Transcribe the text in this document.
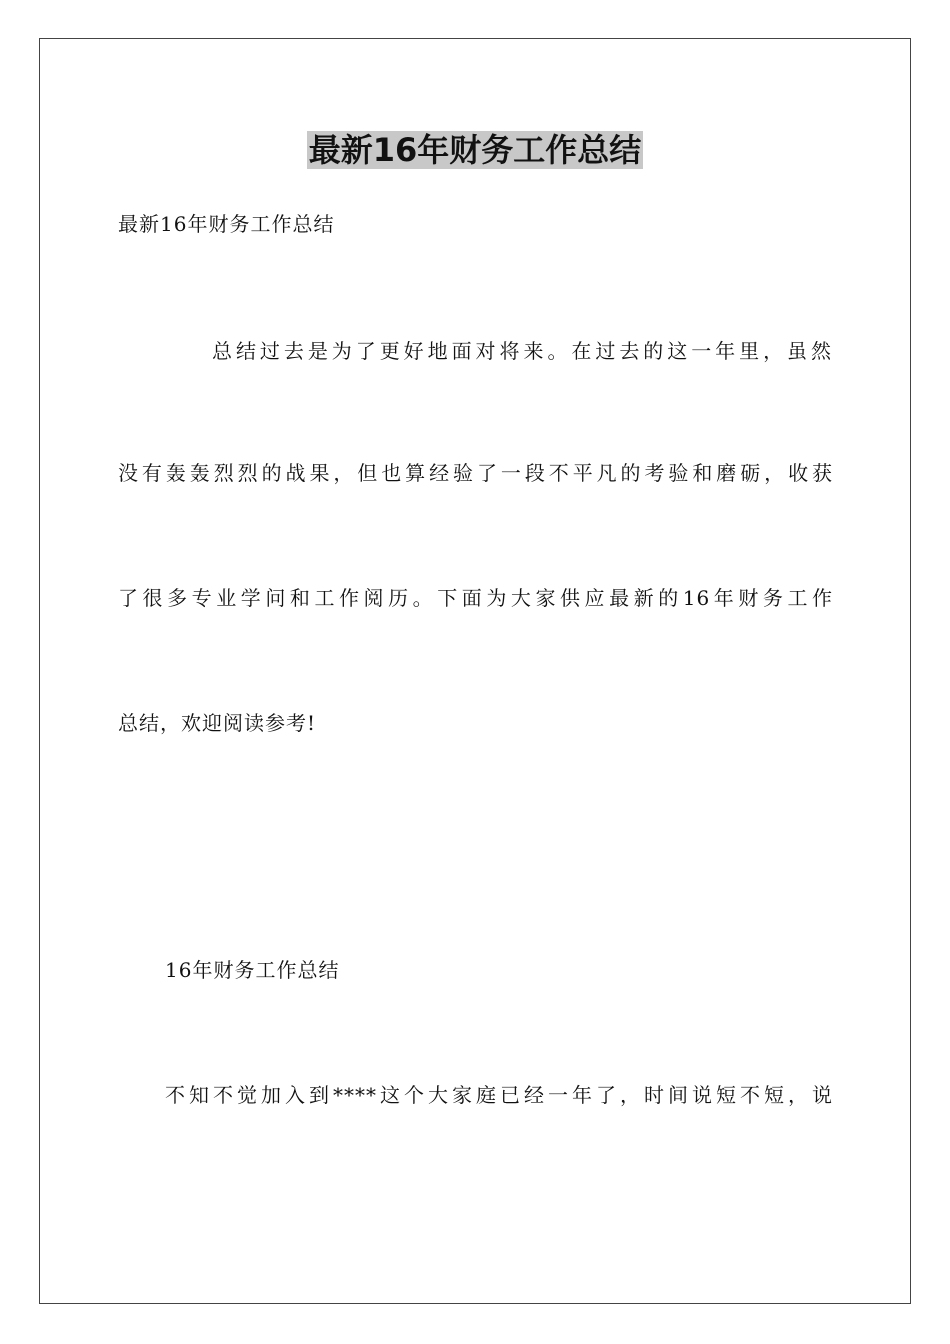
最新16年财务工作总结
最新16年财务工作总结
总结过去是为了更好地面对将来。在过去的这一年里，虽然
没有轰轰烈烈的战果，但也算经验了一段不平凡的考验和磨砺，收获
了很多专业学问和工作阅历。下面为大家供应最新的16年财务工作
总结，欢迎阅读参考!
16年财务工作总结
不知不觉加入到****这个大家庭已经一年了，时间说短不短，说
